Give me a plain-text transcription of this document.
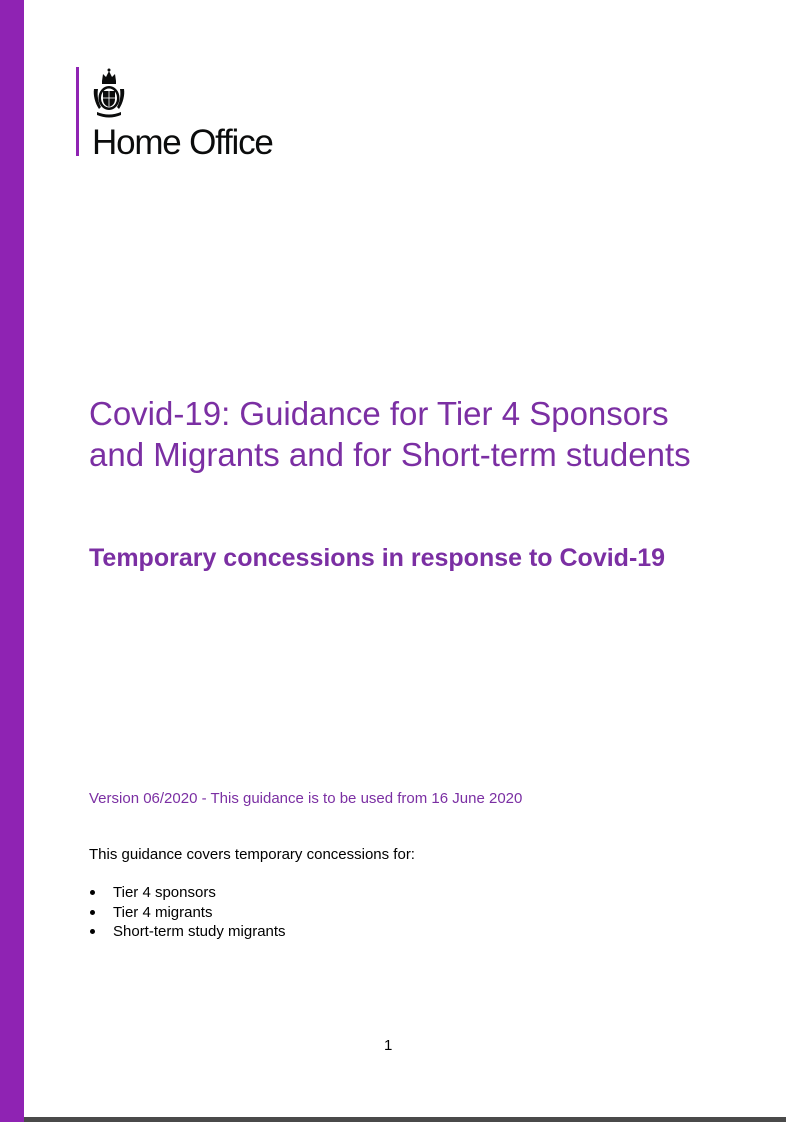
Home Office
Covid-19: Guidance for Tier 4 Sponsors and Migrants and for Short-term students
Temporary concessions in response to Covid-19
Version 06/2020 - This guidance is to be used from 16 June 2020
This guidance covers temporary concessions for:
Tier 4 sponsors
Tier 4 migrants
Short-term study migrants
1
